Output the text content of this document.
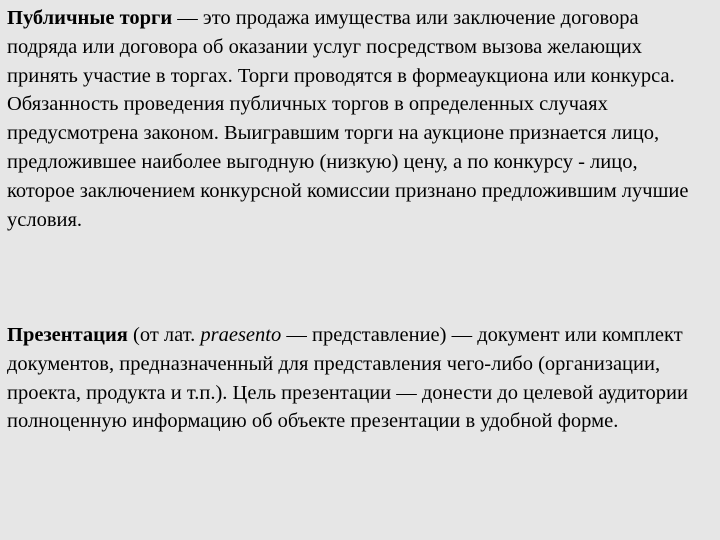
Публичные торги — это продажа имущества или заключение договора подряда или договора об оказании услуг посредством вызова желающих принять участие в торгах. Торги проводятся в формеаукциона или конкурса. Обязанность проведения публичных торгов в определенных случаях предусмотрена законом. Выигравшим торги на аукционе признается лицо, предложившее наиболее выгодную (низкую) цену, а по конкурсу - лицо, которое заключением конкурсной комиссии признано предложившим лучшие условия.

Презентация (от лат. praesento — представление) — документ или комплект документов, предназначенный для представления чего-либо (организации, проекта, продукта и т.п.). Цель презентации — донести до целевой аудитории полноценную информацию об объекте презентации в удобной форме.
